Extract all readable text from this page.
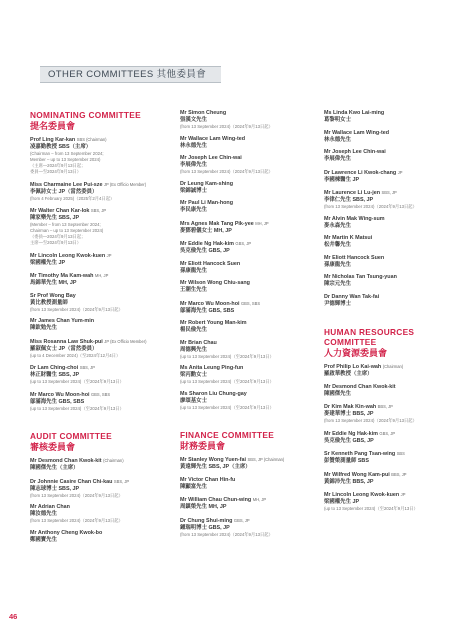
OTHER COMMITTEES 其他委員會
NOMINATING COMMITTEE
提名委員會
Prof Ling Kar-kan SBS (Chairman)
凌嘉勤教授 SBS（主席）
(Chairman – from 13 September 2024;
Member – up to 13 September 2024)
（主席—2024年9月13日起；
委員—至2024年9月13日）
Miss Charmaine Lee Pui-sze JP (Ex Officio Member)
李佩詩女士 JP（當然委員）
(from 4 February 2025)（2025年2月4日起）
Mr Walter Chan Kar-lok SBS, JP
陳家樂先生 SBS, JP
(Member – from 13 September 2024;
Chairman – up to 13 September 2024)
（委員—2024年9月13日起；
主席—至2024年9月13日）
Mr Lincoln Leong Kwok-kuen JP
梁國權先生 JP
Mr Timothy Ma Kam-wah MH, JP
馬錦華先生 MH, JP
Sr Prof Wong Bay
黃比教授測量師
(from 13 September 2024)（2024年9月13日起）
Mr James Chan Yum-min
陳欽勉先生
Miss Rosanna Law Shuk-pui JP (Ex Officio Member)
羅淑佩女士 JP（當然委員）
(up to 4 December 2024)（至2024年12月4日）
Dr Lam Ching-choi SBS, JP
林正財醫生 SBS, JP
(up to 13 September 2024)（至2024年9月13日）
Mr Marco Wu Moon-hoi GBS, SBS
鄔滿海先生 GBS, SBS
(up to 13 September 2024)（至2024年9月13日）
AUDIT COMMITTEE
審核委員會
Mr Desmond Chan Kwok-kit (Chairman)
陳國傑先生（主席）
Dr Johnnie Casire Chan Chi-kau SBS, JP
陳志球博士 SBS, JP
(from 13 September 2024)（2024年9月13日起）
Mr Adrian Chan
陳汝德先生
(from 13 September 2024)（2024年9月13日起）
Mr Anthony Cheng Kwok-bo
鄭國寶先生
Mr Simon Cheung
張漢文先生
(from 13 September 2024)（2024年9月13日起）
Mr Wallace Lam Wing-ted
林永德先生
Mr Joseph Lee Chin-wai
李展偉先生
(from 13 September 2024)（2024年9月13日起）
Dr Leung Kam-shing
梁錦誠博士
Mr Paul Li Man-hong
李民康先生
Mrs Agnes Mak Tang Pik-yee MH, JP
麥鄧碧儀女士 MH, JP
Mr Eddie Ng Hak-kim GBS, JP
吳克儉先生 GBS, JP
Mr Eliott Hancock Suen
孫康龍先生
Mr Wilson Wong Chiu-sang
王潮生先生
Mr Marco Wu Moon-hoi GBS, SBS
鄔滿海先生 GBS, SBS
Mr Robert Young Man-kim
楊民儉先生
Mr Brian Chau
周德興先生
(up to 13 September 2024)（至2024年9月13日）
Ms Anita Leung Ping-fun
梁丙勳女士
(up to 13 September 2024)（至2024年9月13日）
Ms Sharon Liu Chung-gay
廖頌基女士
(up to 13 September 2024)（至2024年9月13日）
FINANCE COMMITTEE
財務委員會
Mr Stanley Wong Yuen-fai SBS, JP (Chairman)
黃遠輝先生 SBS, JP（主席）
Mr Victor Chan Hin-fu
陳顯富先生
Mr William Chau Chun-wing MH, JP
周鎮榮先生 MH, JP
Dr Chung Shui-ming GBS, JP
鍾瑞明博士 GBS, JP
(from 13 September 2024)（2024年9月13日起）
Ms Linda Kwo Lai-ming
葛黎明女士
Mr Wallace Lam Wing-ted
林永德先生
Mr Joseph Lee Chin-wai
李展偉先生
Dr Lawrence Li Kwok-chang JP
李國棟醫生 JP
Mr Laurence Li Lu-jen SBS, JP
李律仁先生 SBS, JP
(from 13 September 2024)（2024年9月13日起）
Mr Alvin Mak Wing-sum
麥永森先生
Mr Martin K Matsui
松井馨先生
Mr Eliott Hancock Suen
孫康龍先生
Mr Nicholas Tan Tsung-yuan
陳宗元先生
Dr Danny Wan Tak-fai
尹德輝博士
HUMAN RESOURCES COMMITTEE
人力資源委員會
Prof Philip Lo Kai-wah (Chairman)
羅啟華教授（主席）
Mr Desmond Chan Kwok-kit
陳國傑先生
Dr Kim Mak Kin-wah BBS, JP
麥建華博士 BBS, JP
(from 13 September 2024)（2024年9月13日起）
Mr Eddie Ng Hak-kim GBS, JP
吳克儉先生 GBS, JP
Sr Kenneth Pang Tsan-wing SBS
彭贊榮測量師 SBS
Mr Wilfred Wong Kam-pui BBS, JP
黃錦沛先生 BBS, JP
Mr Lincoln Leong Kwok-kuen JP
梁國權先生 JP
(up to 13 September 2024)（至2024年9月13日）
46
